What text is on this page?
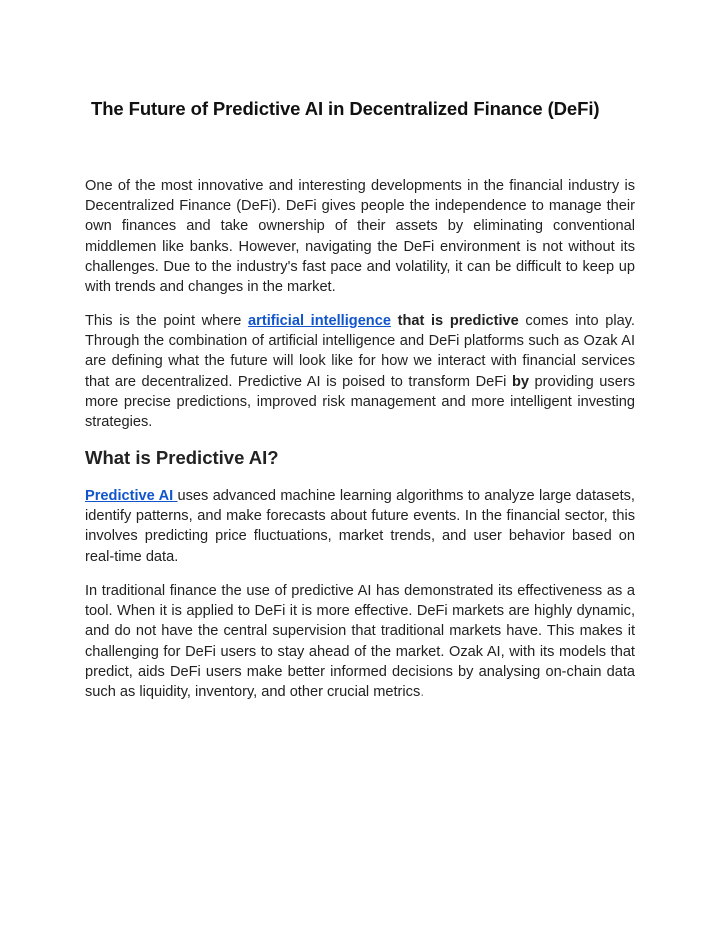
The Future of Predictive AI in Decentralized Finance (DeFi)

One of the most innovative and interesting developments in the financial industry is Decentralized Finance (DeFi). DeFi gives people the independence to manage their own finances and take ownership of their assets by eliminating conventional middlemen like banks. However, navigating the DeFi environment is not without its challenges. Due to the industry's fast pace and volatility, it can be difficult to keep up with trends and changes in the market.

This is the point where artificial intelligence that is predictive comes into play. Through the combination of artificial intelligence and DeFi platforms such as Ozak AI are defining what the future will look like for how we interact with financial services that are decentralized. Predictive AI is poised to transform DeFi by providing users more precise predictions, improved risk management and more intelligent investing strategies.

What is Predictive AI?

Predictive AI uses advanced machine learning algorithms to analyze large datasets, identify patterns, and make forecasts about future events. In the financial sector, this involves predicting price fluctuations, market trends, and user behavior based on real-time data.

In traditional finance the use of predictive AI has demonstrated its effectiveness as a tool. When it is applied to DeFi it is more effective. DeFi markets are highly dynamic, and do not have the central supervision that traditional markets have. This makes it challenging for DeFi users to stay ahead of the market. Ozak AI, with its models that predict, aids DeFi users make better informed decisions by analysing on-chain data such as liquidity, inventory, and other crucial metrics.
